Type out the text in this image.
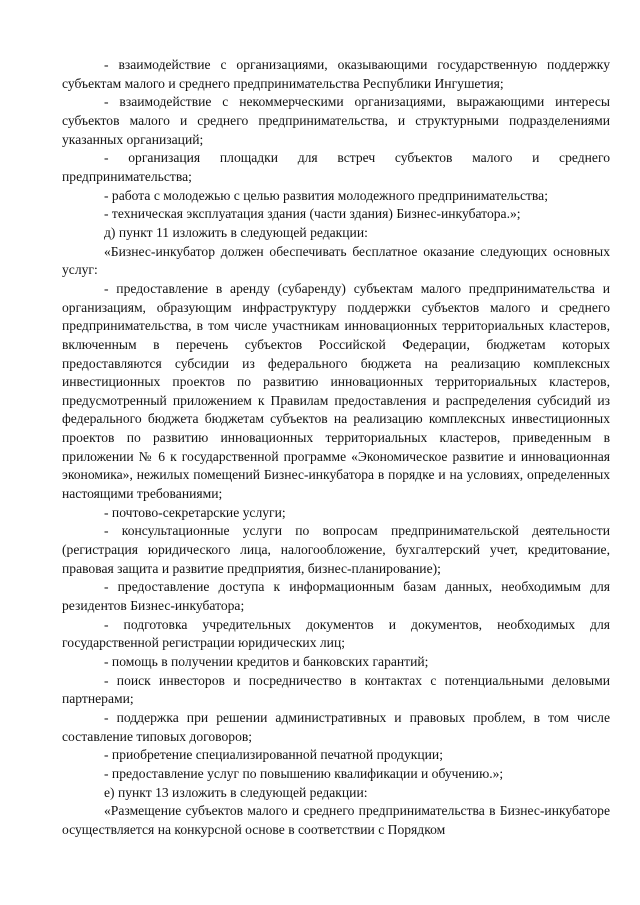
- взаимодействие с организациями, оказывающими государственную поддержку субъектам малого и среднего предпринимательства Республики Ингушетия;

- взаимодействие с некоммерческими организациями, выражающими интересы субъектов малого и среднего предпринимательства, и структурными подразделениями указанных организаций;

- организация площадки для встреч субъектов малого и среднего предпринимательства;

- работа с молодежью с целью развития молодежного предпринимательства;

- техническая эксплуатация здания (части здания) Бизнес-инкубатора.»;

д) пункт 11 изложить в следующей редакции:

«Бизнес-инкубатор должен обеспечивать бесплатное оказание следующих основных услуг:

- предоставление в аренду (субаренду) субъектам малого предпринимательства и организациям, образующим инфраструктуру поддержки субъектов малого и среднего предпринимательства, в том числе участникам инновационных территориальных кластеров, включенным в перечень субъектов Российской Федерации, бюджетам которых предоставляются субсидии из федерального бюджета на реализацию комплексных инвестиционных проектов по развитию инновационных территориальных кластеров, предусмотренный приложением к Правилам предоставления и распределения субсидий из федерального бюджета бюджетам субъектов на реализацию комплексных инвестиционных проектов по развитию инновационных территориальных кластеров, приведенным в приложении № 6 к государственной программе «Экономическое развитие и инновационная экономика», нежилых помещений Бизнес-инкубатора в порядке и на условиях, определенных настоящими требованиями;

- почтово-секретарские услуги;

- консультационные услуги по вопросам предпринимательской деятельности (регистрация юридического лица, налогообложение, бухгалтерский учет, кредитование, правовая защита и развитие предприятия, бизнес-планирование);

- предоставление доступа к информационным базам данных, необходимым для резидентов Бизнес-инкубатора;

- подготовка учредительных документов и документов, необходимых для государственной регистрации юридических лиц;

- помощь в получении кредитов и банковских гарантий;

- поиск инвесторов и посредничество в контактах с потенциальными деловыми партнерами;

- поддержка при решении административных и правовых проблем, в том числе составление типовых договоров;

- приобретение специализированной печатной продукции;

- предоставление услуг по повышению квалификации и обучению.»;

е) пункт 13 изложить в следующей редакции:

«Размещение субъектов малого и среднего предпринимательства в Бизнес-инкубаторе осуществляется на конкурсной основе в соответствии с Порядком
